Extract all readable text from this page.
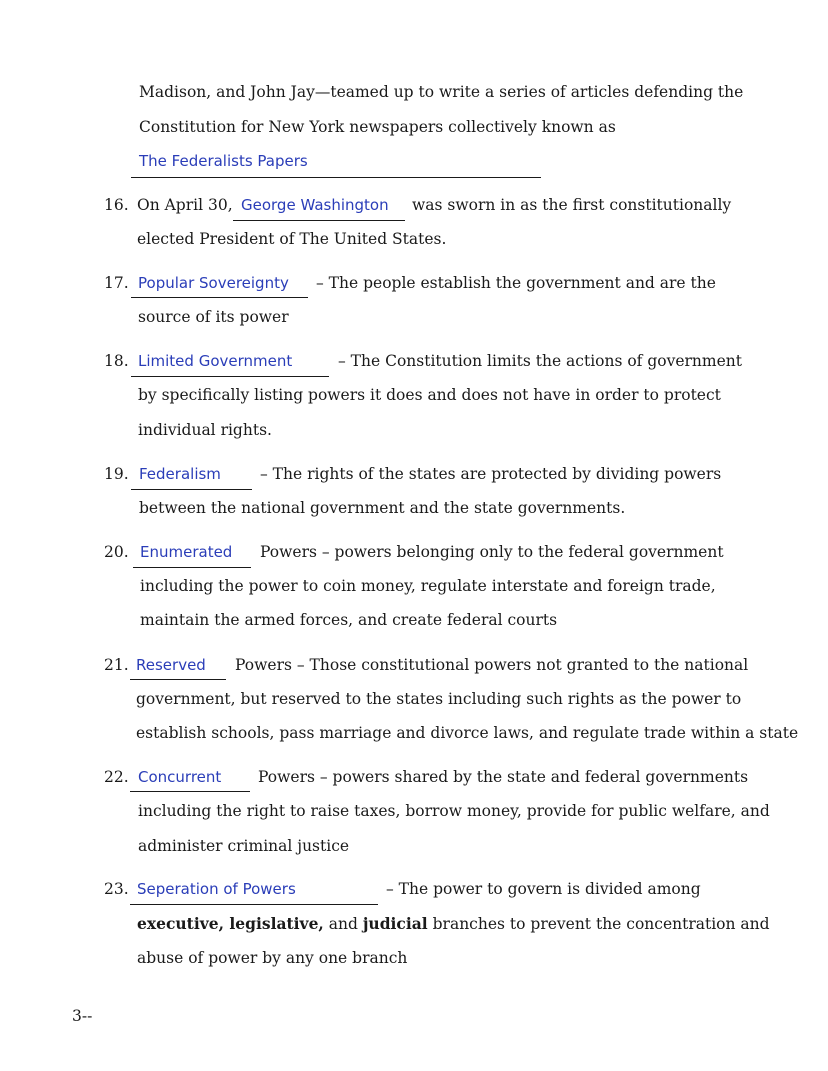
Madison, and John Jay—teamed up to write a series of articles defending the
Constitution for New York newspapers collectively known as
The Federalists Papers
16. On April 30, George Washington was sworn in as the first constitutionally
elected President of The United States.
17. Popular Sovereignty – The people establish the government and are the
source of its power
18. Limited Government	– The Constitution limits the actions of government
by specifically listing powers it does and does not have in order to protect
individual rights.
19. Federalism	– The rights of the states are protected by dividing powers
between the national government and the state governments.
20. Enumerated Powers – powers belonging only to the federal government
including the power to coin money, regulate interstate and foreign trade,
maintain the armed forces, and create federal courts
21. Reserved Powers – Those constitutional powers not granted to the national
government, but reserved to the states including such rights as the power to
establish schools, pass marriage and divorce laws, and regulate trade within a state
22. Concurrent Powers – powers shared by the state and federal governments
including the right to raise taxes, borrow money, provide for public welfare, and
administer criminal justice
23. Seperation of Powers	– The power to govern is divided among
executive, legislative, and judicial branches to prevent the concentration and
abuse of power by any one branch
3--
